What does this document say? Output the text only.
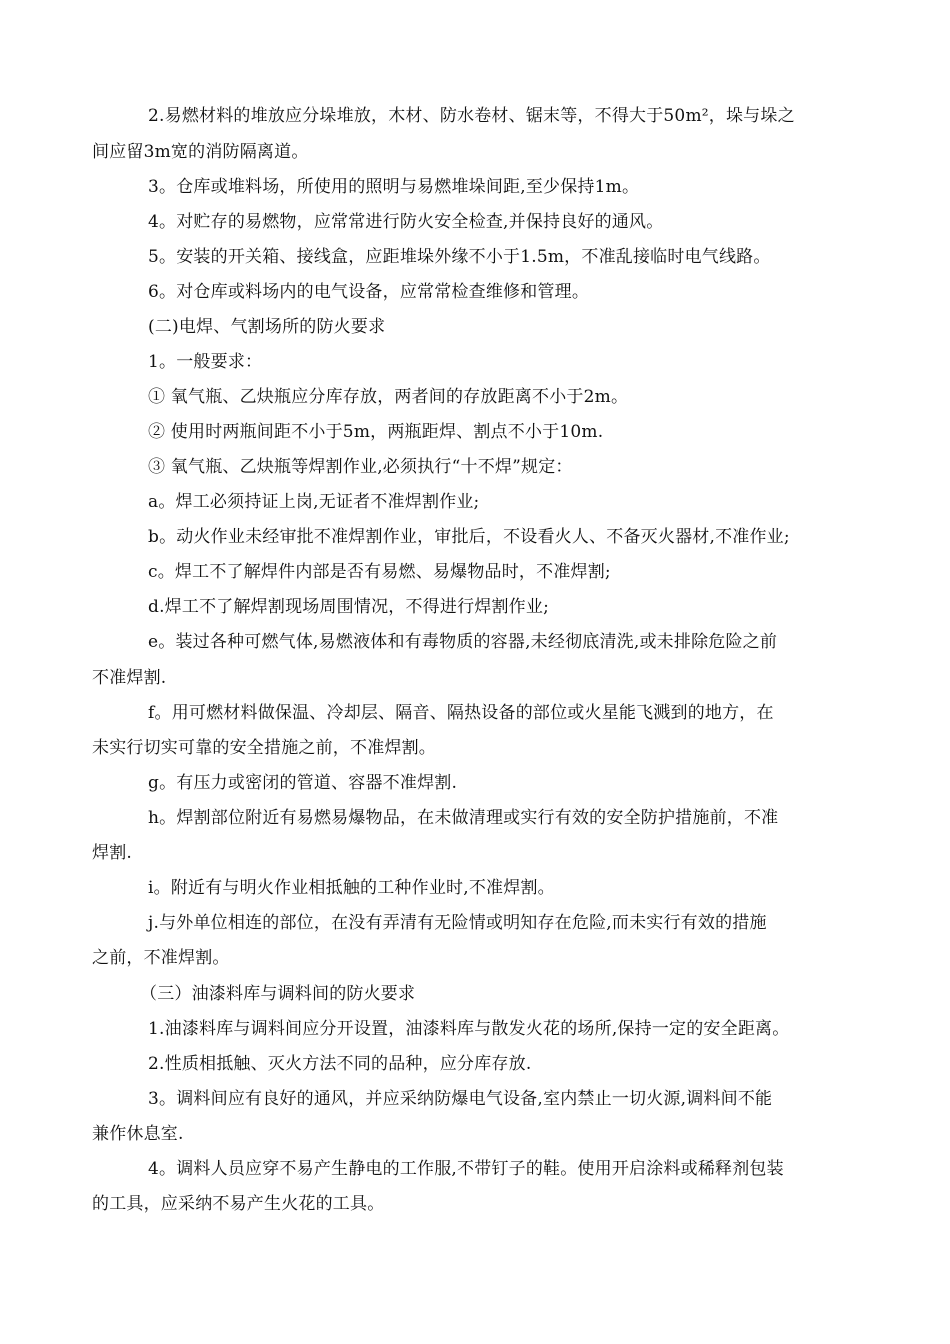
2.易燃材料的堆放应分垛堆放，木材、防水卷材、锯末等，不得大于50m²，垛与垛之
间应留3m宽的消防隔离道。
3。仓库或堆料场，所使用的照明与易燃堆垛间距,至少保持1m。
4。对贮存的易燃物，应常常进行防火安全检查,并保持良好的通风。
5。安装的开关箱、接线盒，应距堆垛外缘不小于1.5m，不准乱接临时电气线路。
6。对仓库或料场内的电气设备，应常常检查维修和管理。
(二)电焊、气割场所的防火要求
1。一般要求：
① 氧气瓶、乙炔瓶应分库存放，两者间的存放距离不小于2m。
② 使用时两瓶间距不小于5m，两瓶距焊、割点不小于10m.
③ 氧气瓶、乙炔瓶等焊割作业,必须执行“十不焊”规定：
a。焊工必须持证上岗,无证者不准焊割作业;
b。动火作业未经审批不准焊割作业，审批后，不设看火人、不备灭火器材,不准作业;
c。焊工不了解焊件内部是否有易燃、易爆物品时，不准焊割;
d.焊工不了解焊割现场周围情况，不得进行焊割作业;
e。装过各种可燃气体,易燃液体和有毒物质的容器,未经彻底清洗,或未排除危险之前
不准焊割.
f。用可燃材料做保温、冷却层、隔音、隔热设备的部位或火星能飞溅到的地方，在
未实行切实可靠的安全措施之前，不准焊割。
g。有压力或密闭的管道、容器不准焊割.
h。焊割部位附近有易燃易爆物品，在未做清理或实行有效的安全防护措施前，不准
焊割.
i。附近有与明火作业相抵触的工种作业时,不准焊割。
j.与外单位相连的部位，在没有弄清有无险情或明知存在危险,而未实行有效的措施
之前，不准焊割。
（三）油漆料库与调料间的防火要求
1.油漆料库与调料间应分开设置，油漆料库与散发火花的场所,保持一定的安全距离。
2.性质相抵触、灭火方法不同的品种，应分库存放.
3。调料间应有良好的通风，并应采纳防爆电气设备,室内禁止一切火源,调料间不能
兼作休息室.
4。调料人员应穿不易产生静电的工作服,不带钉子的鞋。使用开启涂料或稀释剂包装
的工具，应采纳不易产生火花的工具。
